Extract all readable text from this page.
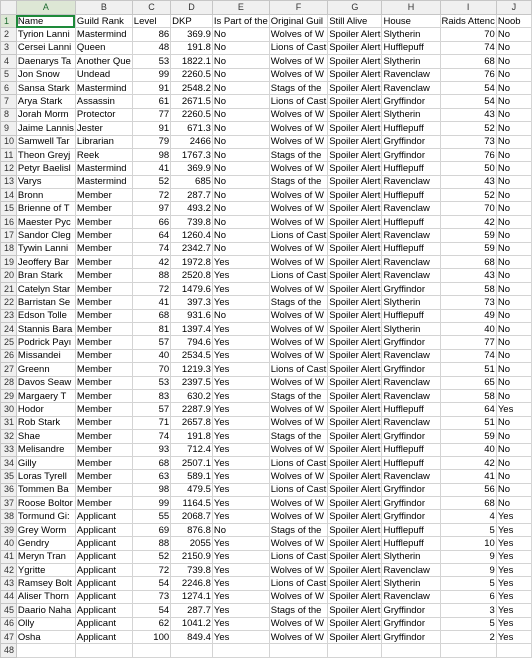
	A	B	C	D	E	F	G	H	I	J
1	Name	Guild Rank	Level	DKP	Is Part of the	Original Guil	Still Alive	House	Raids Attenc	Noob
2	Tyrion Lanni	Mastermind	86	369.9	No	Wolves of W	Spoiler Alert	Slytherin	70	No
3	Cersei Lanni	Queen	48	191.8	No	Lions of Cast	Spoiler Alert	Hufflepuff	74	No
4	Daenarys Ta	Another Que	53	1822.1	No	Wolves of W	Spoiler Alert	Slytherin	68	No
5	Jon Snow	Undead	99	2260.5	No	Wolves of W	Spoiler Alert	Ravenclaw	76	No
6	Sansa Stark	Mastermind	91	2548.2	No	Stags of the	Spoiler Alert	Ravenclaw	54	No
7	Arya Stark	Assassin	61	2671.5	No	Lions of Cast	Spoiler Alert	Gryffindor	54	No
8	Jorah Morm	Protector	77	2260.5	No	Wolves of W	Spoiler Alert	Slytherin	43	No
9	Jaime Lannis	Jester	91	671.3	No	Wolves of W	Spoiler Alert	Hufflepuff	52	No
10	Samwell Tar	Librarian	79	2466	No	Wolves of W	Spoiler Alert	Gryffindor	73	No
11	Theon Greyj	Reek	98	1767.3	No	Stags of the	Spoiler Alert	Gryffindor	76	No
12	Petyr Baelisl	Mastermind	41	369.9	No	Wolves of W	Spoiler Alert	Hufflepuff	50	No
13	Varys	Mastermind	52	685	No	Stags of the	Spoiler Alert	Ravenclaw	43	No
14	Bronn	Member	72	287.7	No	Wolves of W	Spoiler Alert	Hufflepuff	52	No
15	Brienne of T	Member	97	493.2	No	Wolves of W	Spoiler Alert	Ravenclaw	70	No
16	Maester Pyc	Member	66	739.8	No	Wolves of W	Spoiler Alert	Hufflepuff	42	No
17	Sandor Cleg	Member	64	1260.4	No	Lions of Cast	Spoiler Alert	Ravenclaw	59	No
18	Tywin Lanni	Member	74	2342.7	No	Wolves of W	Spoiler Alert	Hufflepuff	59	No
19	Jeoffery Bar	Member	42	1972.8	Yes	Wolves of W	Spoiler Alert	Ravenclaw	68	No
20	Bran Stark	Member	88	2520.8	Yes	Lions of Cast	Spoiler Alert	Ravenclaw	43	No
21	Catelyn Star	Member	72	1479.6	Yes	Wolves of W	Spoiler Alert	Gryffindor	58	No
22	Barristan Se	Member	41	397.3	Yes	Stags of the	Spoiler Alert	Slytherin	73	No
23	Edson Tolle	Member	68	931.6	No	Wolves of W	Spoiler Alert	Hufflepuff	49	No
24	Stannis Bara	Member	81	1397.4	Yes	Wolves of W	Spoiler Alert	Slytherin	40	No
25	Podrick Payı	Member	57	794.6	Yes	Wolves of W	Spoiler Alert	Gryffindor	77	No
26	Missandei	Member	40	2534.5	Yes	Wolves of W	Spoiler Alert	Ravenclaw	74	No
27	Greenn	Member	70	1219.3	Yes	Lions of Cast	Spoiler Alert	Gryffindor	51	No
28	Davos Seaw	Member	53	2397.5	Yes	Wolves of W	Spoiler Alert	Ravenclaw	65	No
29	Margaery T	Member	83	630.2	Yes	Stags of the	Spoiler Alert	Ravenclaw	58	No
30	Hodor	Member	57	2287.9	Yes	Wolves of W	Spoiler Alert	Hufflepuff	64	Yes
31	Rob Stark	Member	71	2657.8	Yes	Wolves of W	Spoiler Alert	Ravenclaw	51	No
32	Shae	Member	74	191.8	Yes	Stags of the	Spoiler Alert	Gryffindor	59	No
33	Melisandre	Member	93	712.4	Yes	Wolves of W	Spoiler Alert	Hufflepuff	40	No
34	Gilly	Member	68	2507.1	Yes	Lions of Cast	Spoiler Alert	Hufflepuff	42	No
35	Loras Tyrell	Member	63	589.1	Yes	Wolves of W	Spoiler Alert	Ravenclaw	41	No
36	Tommen Ba	Member	98	479.5	Yes	Lions of Cast	Spoiler Alert	Gryffindor	56	No
37	Roose Boltor	Member	99	1164.5	Yes	Wolves of W	Spoiler Alert	Gryffindor	68	No
38	Tormund Gi:	Applicant	55	2068.7	Yes	Wolves of W	Spoiler Alert	Gryffindor	4	Yes
39	Grey Worm	Applicant	69	876.8	No	Stags of the	Spoiler Alert	Hufflepuff	5	Yes
40	Gendry	Applicant	88	2055	Yes	Wolves of W	Spoiler Alert	Hufflepuff	10	Yes
41	Meryn Tran	Applicant	52	2150.9	Yes	Lions of Cast	Spoiler Alert	Slytherin	9	Yes
42	Ygritte	Applicant	72	739.8	Yes	Wolves of W	Spoiler Alert	Ravenclaw	9	Yes
43	Ramsey Bolt	Applicant	54	2246.8	Yes	Lions of Cast	Spoiler Alert	Slytherin	5	Yes
44	Aliser Thorn	Applicant	73	1274.1	Yes	Wolves of W	Spoiler Alert	Ravenclaw	6	Yes
45	Daario Naha	Applicant	54	287.7	Yes	Stags of the	Spoiler Alert	Gryffindor	3	Yes
46	Olly	Applicant	62	1041.2	Yes	Wolves of W	Spoiler Alert	Gryffindor	5	Yes
47	Osha	Applicant	100	849.4	Yes	Wolves of W	Spoiler Alert	Gryffindor	2	Yes
48										
